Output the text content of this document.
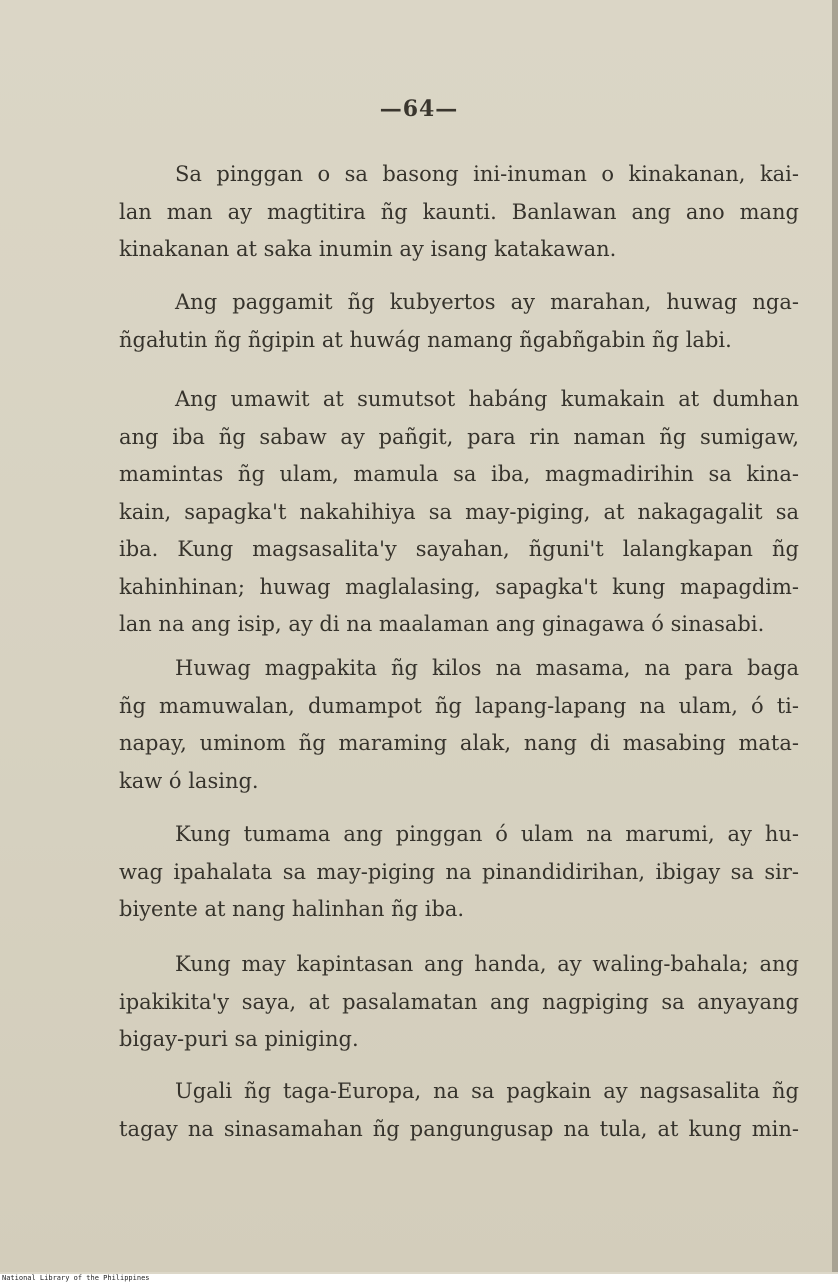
—64—
Sa pinggan o sa basong ini-inuman o kinakanan, kai-
lan man ay magtitira ñg kaunti. Banlawan ang ano mang
kinakanan at saka inumin ay isang katakawan.
Ang paggamit ñg kubyertos ay marahan, huwag nga-
ñgałutin ñg ñgipin at huwág namang ñgabñgabin ñg labi.
Ang umawit at sumutsot habáng kumakain at dumhan
ang iba ñg sabaw ay pañgit, para rin naman ñg sumigaw,
mamintas ñg ulam, mamula sa iba, magmadirihin sa kina-
kain, sapagka't nakahihiya sa may-piging, at nakagagalit sa
iba. Kung magsasalita'y sayahan, ñguni't lalangkapan ñg
kahinhinan; huwag maglalasing, sapagka't kung mapagdim-
lan na ang isip, ay di na maalaman ang ginagawa ó sinasabi.
Huwag magpakita ñg kilos na masama, na para baga
ñg mamuwalan, dumampot ñg lapang-lapang na ulam, ó ti-
napay, uminom ñg maraming alak, nang di masabing mata-
kaw ó lasing.
Kung tumama ang pinggan ó ulam na marumi, ay hu-
wag ipahalata sa may-piging na pinandidirihan, ibigay sa sir-
biyente at nang halinhan ñg iba.
Kung may kapintasan ang handa, ay waling-bahala; ang
ipakikita'y saya, at pasalamatan ang nagpiging sa anyayang
bigay-puri sa piniging.
Ugali ñg taga-Europa, na sa pagkain ay nagsasalita ñg
tagay na sinasamahan ñg pangungusap na tula, at kung min-
National Library of the Philippines
